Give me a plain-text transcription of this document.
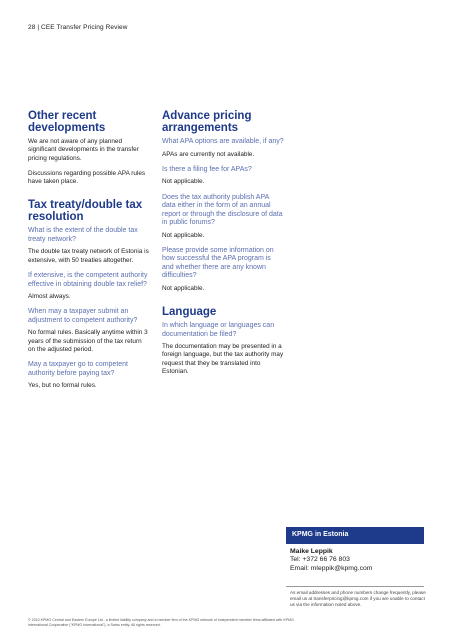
28 | CEE Transfer Pricing Review
Other recent developments

We are not aware of any planned significant developments in the transfer pricing regulations.

Discussions regarding possible APA rules have taken place.

Tax treaty/double tax resolution
What is the extent of the double tax treaty network?

The double tax treaty network of Estonia is extensive, with 50 treaties altogether.

If extensive, is the competent authority effective in obtaining double tax relief?

Almost always.

When may a taxpayer submit an adjustment to competent authority?

No formal rules. Basically anytime within 3 years of the submission of the tax return on the adjusted period.

May a taxpayer go to competent authority before paying tax?

Yes, but no formal rules.

Advance pricing arrangements
What APA options are available, if any?

APAs are currently not available.

Is there a filing fee for APAs?

Not applicable.

Does the tax authority publish APA data either in the form of an annual report or through the disclosure of data in public forums?

Not applicable.

Please provide some information on how successful the APA program is and whether there are any known difficulties?

Not applicable.

Language
In which language or languages can documentation be filed?

The documentation may be presented in a foreign language, but the tax authority may request that they be translated into Estonian.

KPMG in Estonia
Maike Leppik
Tel: +372 66 76 803
Email: mleppik@kpmg.com
As email addresses and phone numbers change frequently, please email us at transferpricing@kpmg.com if you are unable to contact us via the information noted above.
© 2010 KPMG Central and Eastern Europe Ltd., a limited liability company and a member firm of the KPMG network of independent member firms affiliated with KPMG International Cooperative ("KPMG International"), a Swiss entity. All rights reserved.
